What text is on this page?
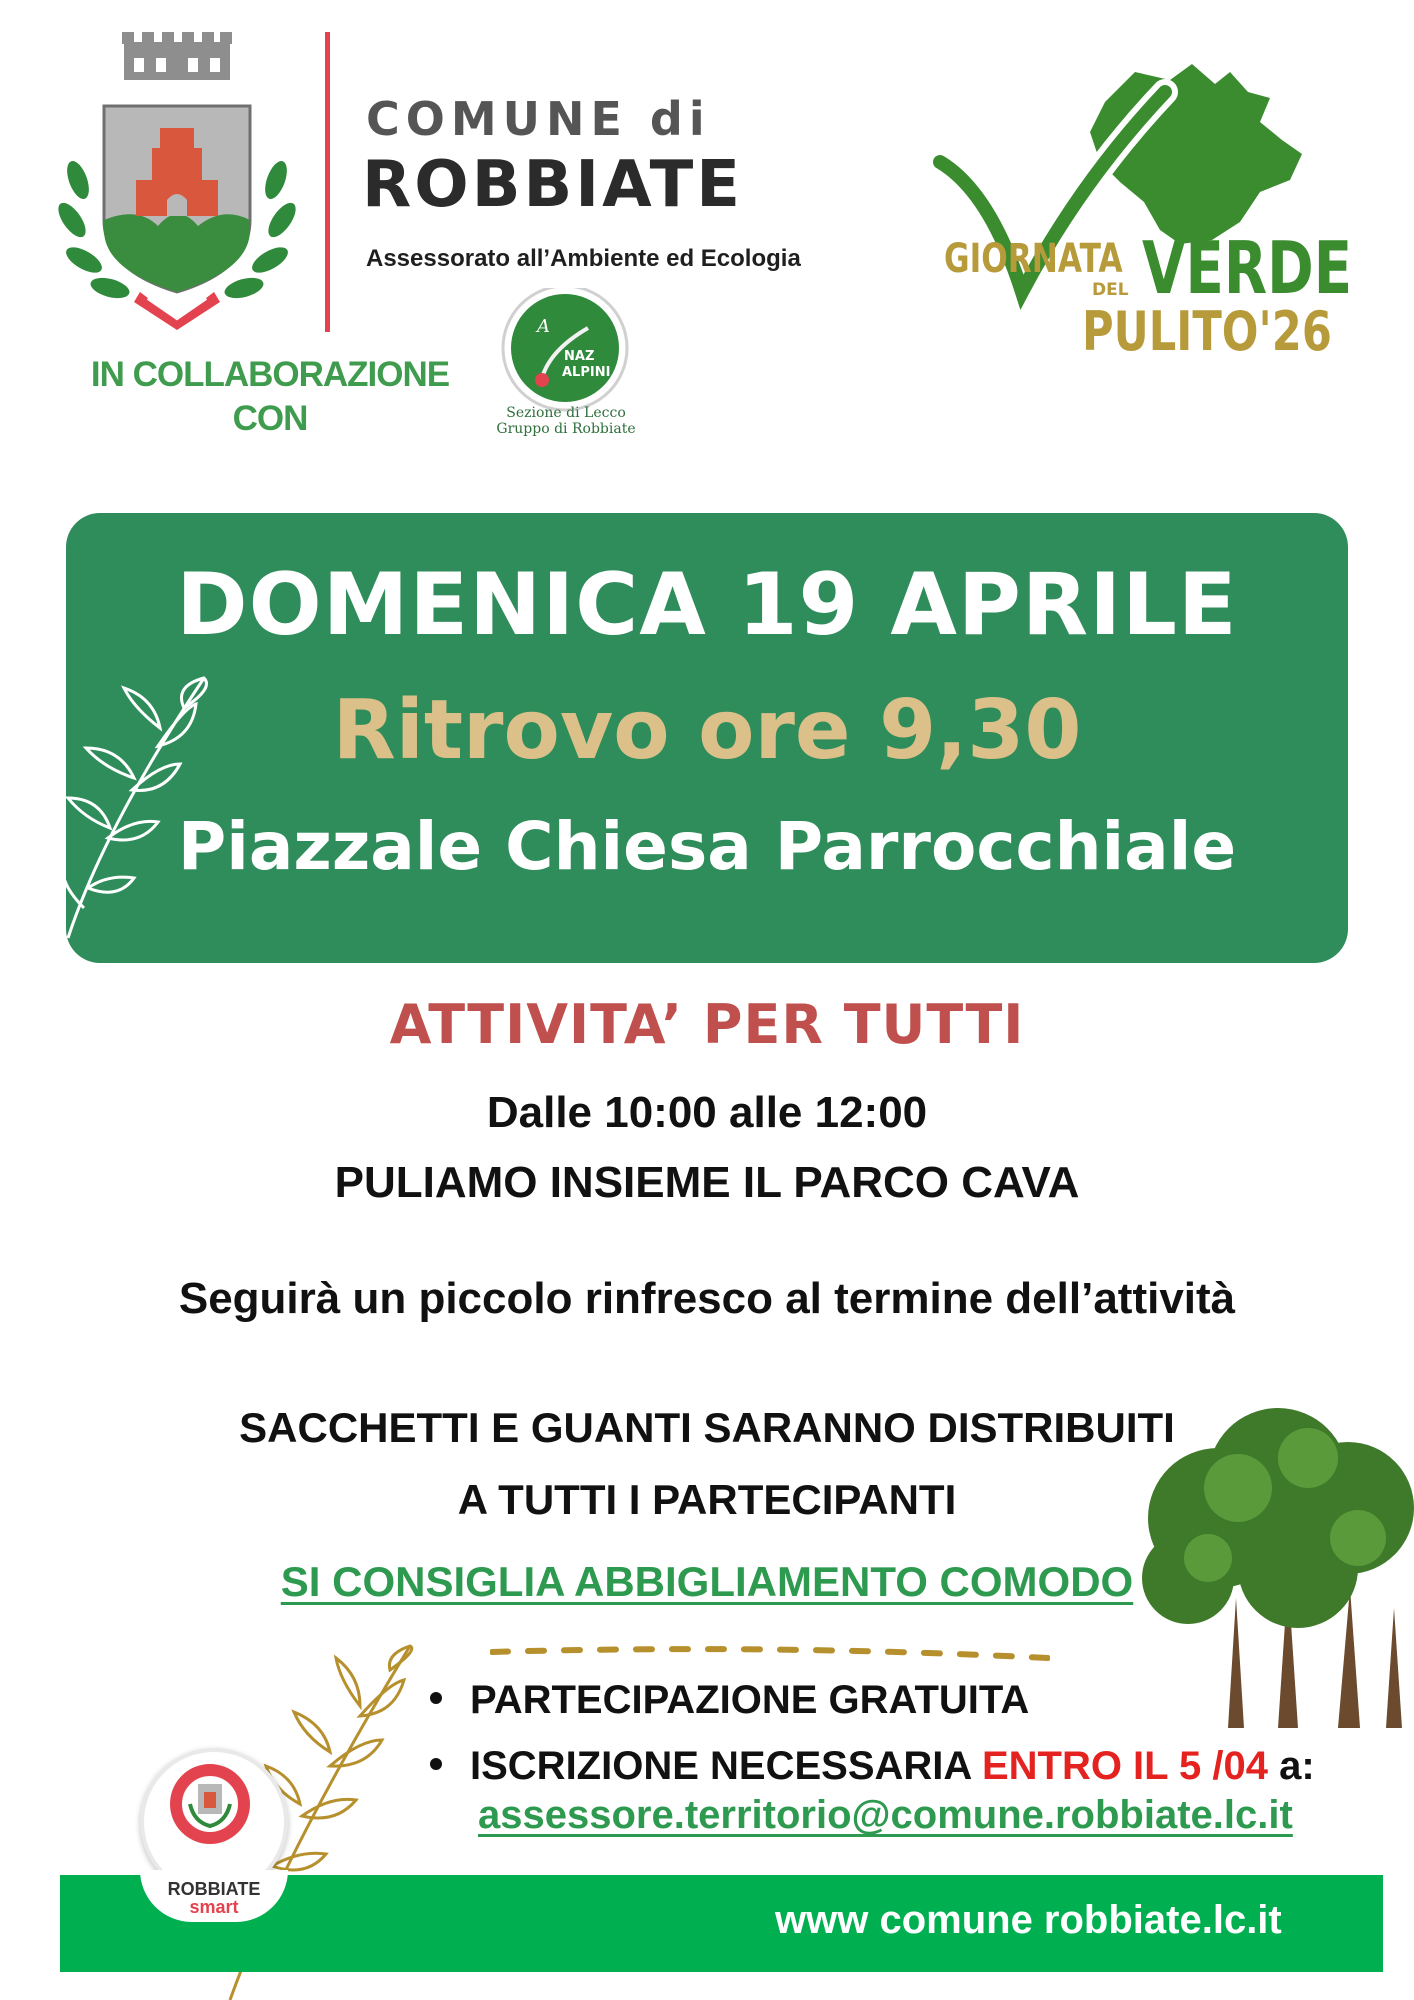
COMUNE di
ROBBIATE
Assessorato all’Ambiente ed Ecologia
IN COLLABORAZIONE CON
A
NAZ
ALPINI
Sezione di Lecco Gruppo di Robbiate
GIORNATA VERDE
DEL
PULITO'26
DOMENICA 19 APRILE
Ritrovo ore 9,30
Piazzale Chiesa Parrocchiale
ATTIVITA’ PER TUTTI
Dalle 10:00 alle 12:00
PULIAMO INSIEME IL PARCO CAVA
Seguirà un piccolo rinfresco al termine dell’attività
SACCHETTI E GUANTI SARANNO DISTRIBUITI
A TUTTI I PARTECIPANTI
SI CONSIGLIA ABBIGLIAMENTO COMODO
PARTECIPAZIONE GRATUITA
ISCRIZIONE NECESSARIA ENTRO IL 5 /04 a:
assessore.territorio@comune.robbiate.lc.it
www comune robbiate.lc.it
ROBBIATE
smart
